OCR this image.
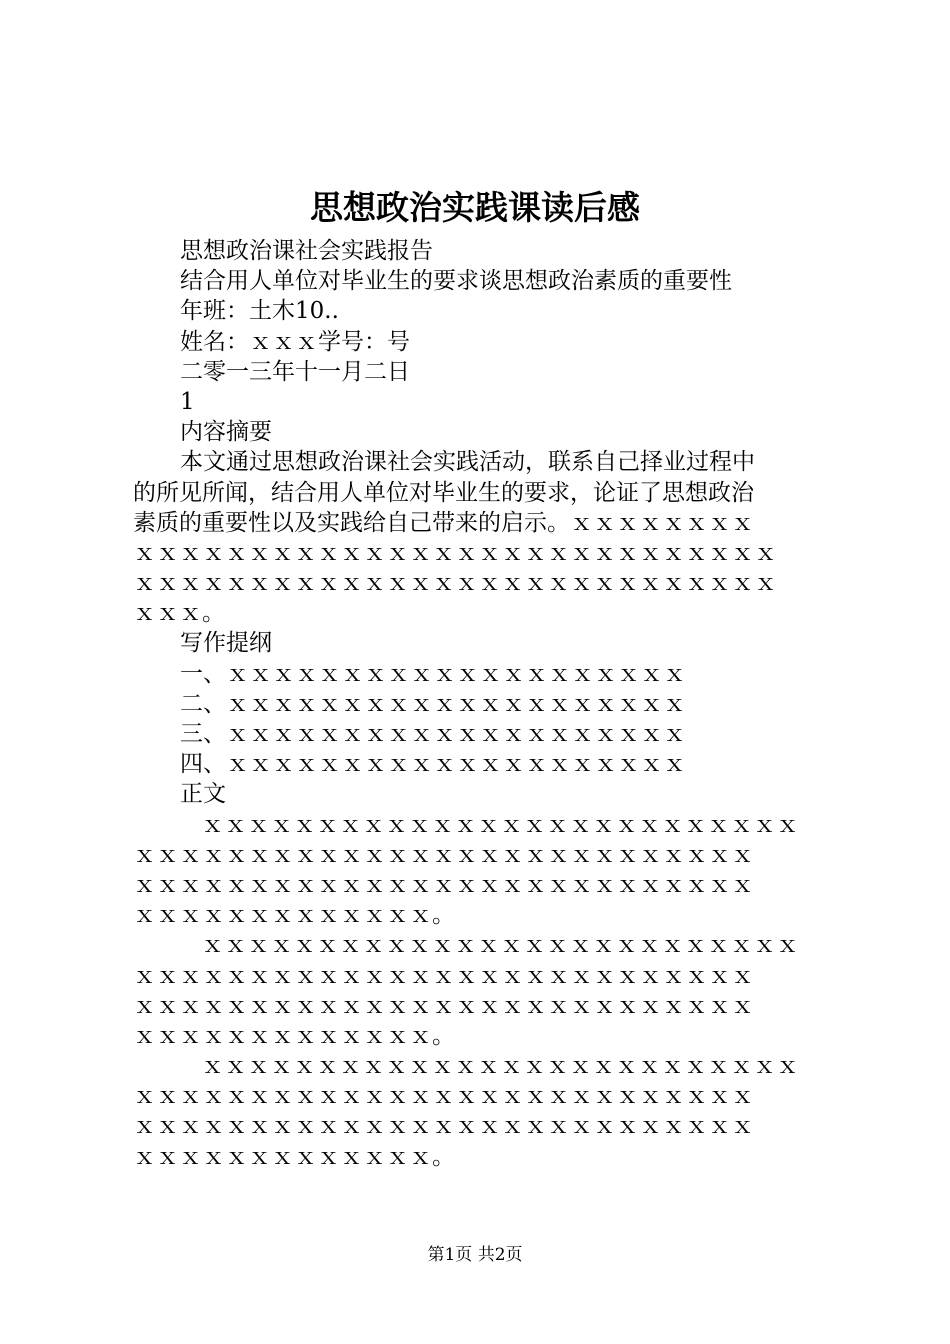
思想政治实践课读后感
思想政治课社会实践报告
结合用人单位对毕业生的要求谈思想政治素质的重要性
年班：土木10..
姓名：ｘｘｘ学号：号
二零一三年十一月二日
1
内容摘要
本文通过思想政治课社会实践活动，联系自己择业过程中
的所见所闻，结合用人单位对毕业生的要求，论证了思想政治
素质的重要性以及实践给自己带来的启示。ｘｘｘｘｘｘｘｘ
ｘｘｘｘｘｘｘｘｘｘｘｘｘｘｘｘｘｘｘｘｘｘｘｘｘｘｘｘ
ｘｘｘｘｘｘｘｘｘｘｘｘｘｘｘｘｘｘｘｘｘｘｘｘｘｘｘｘ
ｘｘｘ。
写作提纲
一、ｘｘｘｘｘｘｘｘｘｘｘｘｘｘｘｘｘｘｘｘ
二、ｘｘｘｘｘｘｘｘｘｘｘｘｘｘｘｘｘｘｘｘ
三、ｘｘｘｘｘｘｘｘｘｘｘｘｘｘｘｘｘｘｘｘ
四、ｘｘｘｘｘｘｘｘｘｘｘｘｘｘｘｘｘｘｘｘ
正文
ｘｘｘｘｘｘｘｘｘｘｘｘｘｘｘｘｘｘｘｘｘｘｘｘｘｘ
ｘｘｘｘｘｘｘｘｘｘｘｘｘｘｘｘｘｘｘｘｘｘｘｘｘｘｘ
ｘｘｘｘｘｘｘｘｘｘｘｘｘｘｘｘｘｘｘｘｘｘｘｘｘｘｘ
ｘｘｘｘｘｘｘｘｘｘｘｘｘ。
ｘｘｘｘｘｘｘｘｘｘｘｘｘｘｘｘｘｘｘｘｘｘｘｘｘｘ
ｘｘｘｘｘｘｘｘｘｘｘｘｘｘｘｘｘｘｘｘｘｘｘｘｘｘｘ
ｘｘｘｘｘｘｘｘｘｘｘｘｘｘｘｘｘｘｘｘｘｘｘｘｘｘｘ
ｘｘｘｘｘｘｘｘｘｘｘｘｘ。
ｘｘｘｘｘｘｘｘｘｘｘｘｘｘｘｘｘｘｘｘｘｘｘｘｘｘ
ｘｘｘｘｘｘｘｘｘｘｘｘｘｘｘｘｘｘｘｘｘｘｘｘｘｘｘ
ｘｘｘｘｘｘｘｘｘｘｘｘｘｘｘｘｘｘｘｘｘｘｘｘｘｘｘ
ｘｘｘｘｘｘｘｘｘｘｘｘｘ。
第1页 共2页
